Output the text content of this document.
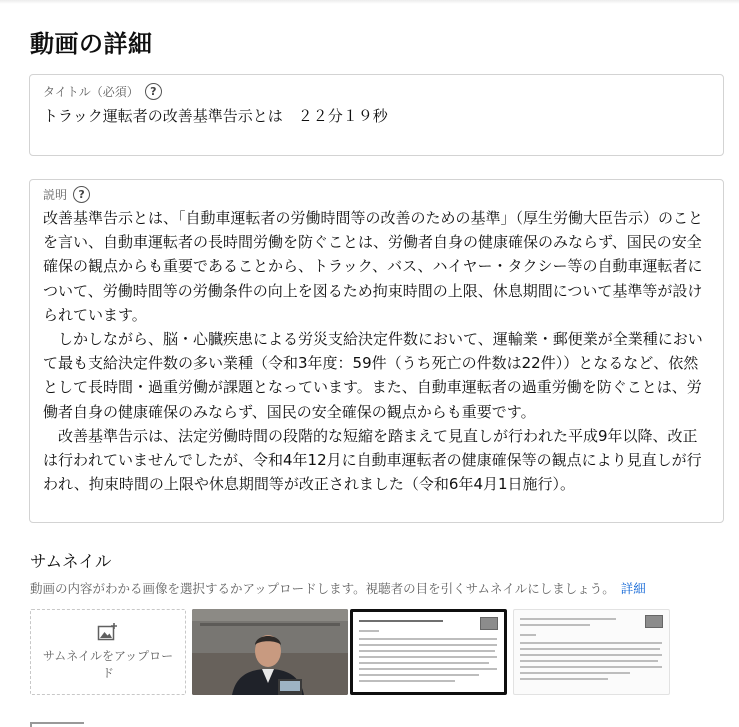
動画の詳細
タイトル（必須）	?
トラック運転者の改善基準告示とは　２２分１９秒
説明	?

改善基準告示とは、「自動車運転者の労働時間等の改善のための基準」（厚生労働大臣告示）のことを言い、自動車運転者の長時間労働を防ぐことは、労働者自身の健康確保のみならず、国民の安全確保の観点からも重要であることから、トラック、バス、ハイヤー・タクシー等の自動車運転者について、労働時間等の労働条件の向上を図るため拘束時間の上限、休息期間について基準等が設けられています。

　しかしながら、脳・心臓疾患による労災支給決定件数において、運輸業・郵便業が全業種において最も支給決定件数の多い業種（令和3年度：59件（うち死亡の件数は22件））となるなど、依然として長時間・過重労働が課題となっています。また、自動車運転者の過重労働を防ぐことは、労働者自身の健康確保のみならず、国民の安全確保の観点からも重要です。

　改善基準告示は、法定労働時間の段階的な短縮を踏まえて見直しが行われた平成9年以降、改正は行われていませんでしたが、令和4年12月に自動車運転者の健康確保等の観点により見直しが行われ、拘束時間の上限や休息期間等が改正されました（令和6年4月1日施行）。

サムネイル
動画の内容がわかる画像を選択するかアップロードします。視聴者の目を引くサムネイルにしましょう。 詳細
サムネイルをアップロード
